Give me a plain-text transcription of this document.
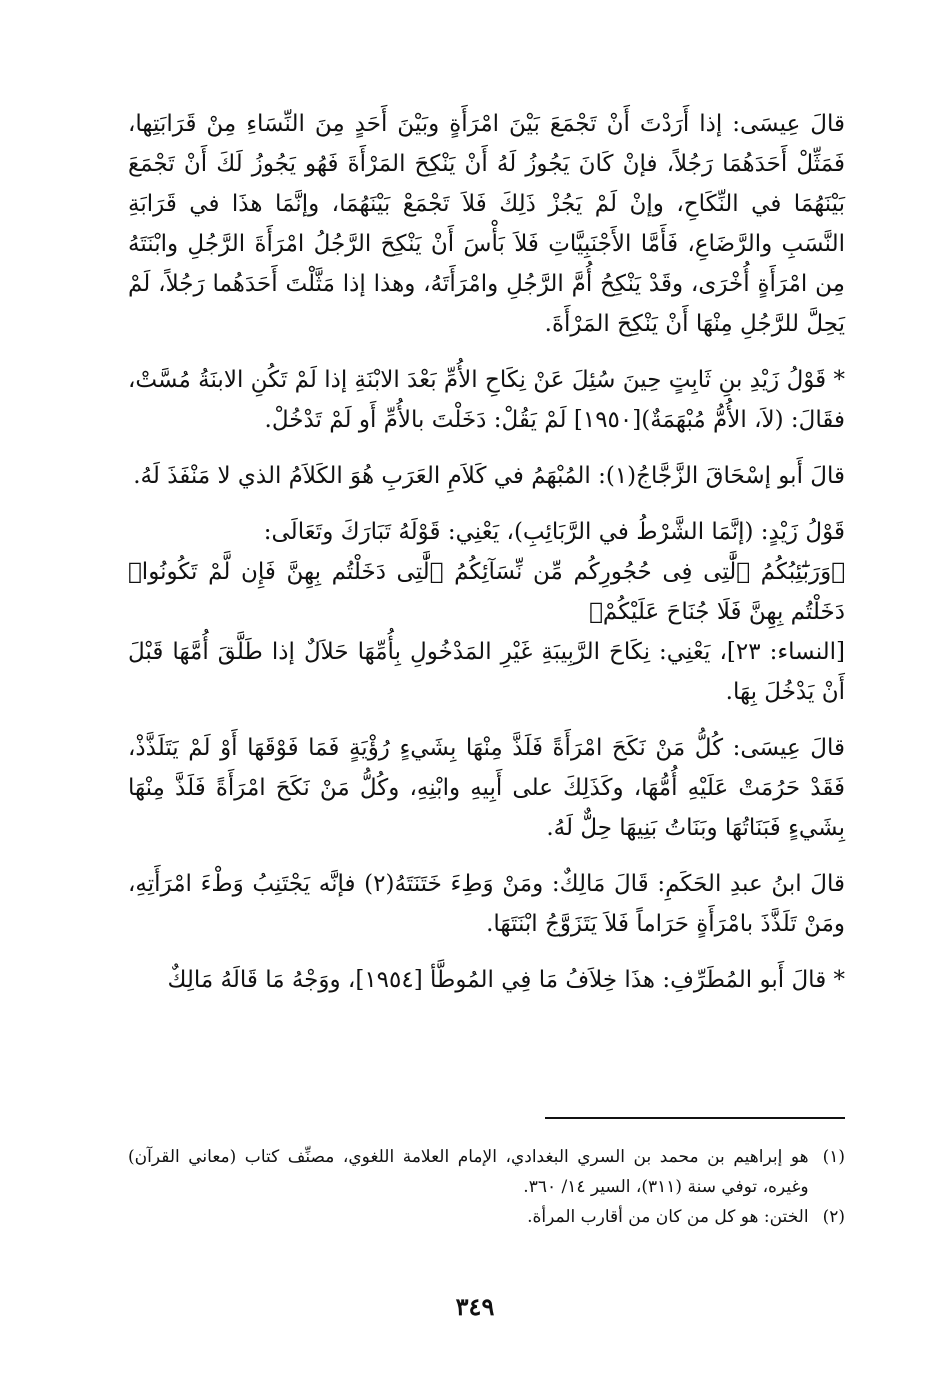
قالَ عِيسَى: إذا أَرَدْتَ أَنْ تَجْمَعَ بَيْنَ امْرَأَةٍ وبَيْنَ أَحَدٍ مِنَ النِّسَاءِ مِنْ قَرَابَتِها، فَمَثِّلْ أَحَدَهُمَا رَجُلاً، فإنْ كَانَ يَجُوزُ لَهُ أَنْ يَنْكِحَ المَرْأَةَ فَهُو يَجُوزُ لَكَ أَنْ تَجْمَعَ بَيْنَهُمَا في النِّكَاحِ، وإنْ لَمْ يَجُزْ ذَلِكَ فَلاَ تَجْمَعْ بَيْنَهُمَا، وإنَّمَا هذَا في قَرَابَةِ النَّسَبِ والرَّضَاعِ، فَأَمَّا الأَجْنَبِيَّاتِ فَلاَ بَأْسَ أَنْ يَنْكِحَ الرَّجُلُ امْرَأَةَ الرَّجُلِ وابْنَتَهُ مِن امْرَأَةٍ أُخْرَى، وقَدْ يَنْكِحُ أُمَّ الرَّجُلِ وامْرَأَتَهُ، وهذا إذا مَثَّلْتَ أَحَدَهُما رَجُلاً، لَمْ يَحِلَّ للرَّجُلِ مِنْهَا أَنْ يَنْكِحَ المَرْأَةَ.

* قَوْلُ زَيْدِ بنِ ثَابِتٍ حِينَ سُئِلَ عَنْ نِكَاحِ الأُمِّ بَعْدَ الابْنَةِ إذا لَمْ تَكُنِ الابنَةُ مُسَّتْ، فقَالَ: (لاَ، الأُمُّ مُبْهَمَةٌ)[١٩٥٠] لَمْ يَقُلْ: دَخَلْتَ بالأُمِّ أَو لَمْ تَدْخُلْ.

قالَ أَبو إسْحَاقَ الزَّجَّاجُ(١): المُبْهَمُ في كَلاَمِ العَرَبِ هُوَ الكَلاَمُ الذي لا مَنْفَذَ لَهُ.

قَوْلُ زَيْدٍ: (إنَّمَا الشَّرْطُ في الرَّبَائِبِ)، يَعْنِي: قَوْلَهُ تَبَارَكَ وتَعَالَى:

﴿وَرَبَٰٓئِبُكُمُ ٱلَّٰتِى فِى حُجُورِكُم مِّن نِّسَآئِكُمُ ٱلَّٰتِى دَخَلْتُم بِهِنَّ فَإِن لَّمْ تَكُونُوا۟ دَخَلْتُم بِهِنَّ فَلَا جُنَاحَ عَلَيْكُمْ﴾

[النساء: ٢٣]، يَعْنِي: نِكَاحَ الرَّبِيبَةِ غَيْرِ المَدْخُولِ بِأُمِّهَا حَلاَلٌ إذا طَلَّقَ أُمَّهَا قَبْلَ أَنْ يَدْخُلَ بِهَا.

قالَ عِيسَى: كُلُّ مَنْ نَكَحَ امْرَأَةً فَلَذَّ مِنْهَا بِشَيءٍ رُؤْيَةٍ فَمَا فَوْقَهَا أَوْ لَمْ يَتَلَذَّذْ، فَقَدْ حَرُمَتْ عَلَيْهِ أُمُّهَا، وكَذَلِكَ على أَبِيهِ وابْنِهِ، وكُلُّ مَنْ نَكَحَ امْرَأَةً فَلَذَّ مِنْهَا بِشَيءٍ فَبَنَاتُهَا وبَنَاتُ بَنِيهَا حِلٌّ لَهُ.

قالَ ابنُ عبدِ الحَكَمِ: قَالَ مَالِكٌ: ومَنْ وَطِءَ خَتَنَتَهُ(٢) فإنَّه يَجْتَنِبُ وَطْءَ امْرَأَتِهِ، ومَنْ تَلَذَّذَ بامْرَأَةٍ حَرَاماً فَلاَ يَتَزَوَّجُ ابْنَتَهَا.

* قالَ أَبو المُطَرِّفِ: هذَا خِلاَفُ مَا فِي المُوطَّأ [١٩٥٤]، ووَجْهُ مَا قَالَهُ مَالِكٌ

(١)
هو إبراهيم بن محمد بن السري البغدادي، الإمام العلامة اللغوي، مصنِّف كتاب (معاني القرآن) وغيره، توفي سنة (٣١١)، السير ١٤/ ٣٦٠.
(٢)
الختن: هو كل من كان من أقارب المرأة.
٣٤٩
